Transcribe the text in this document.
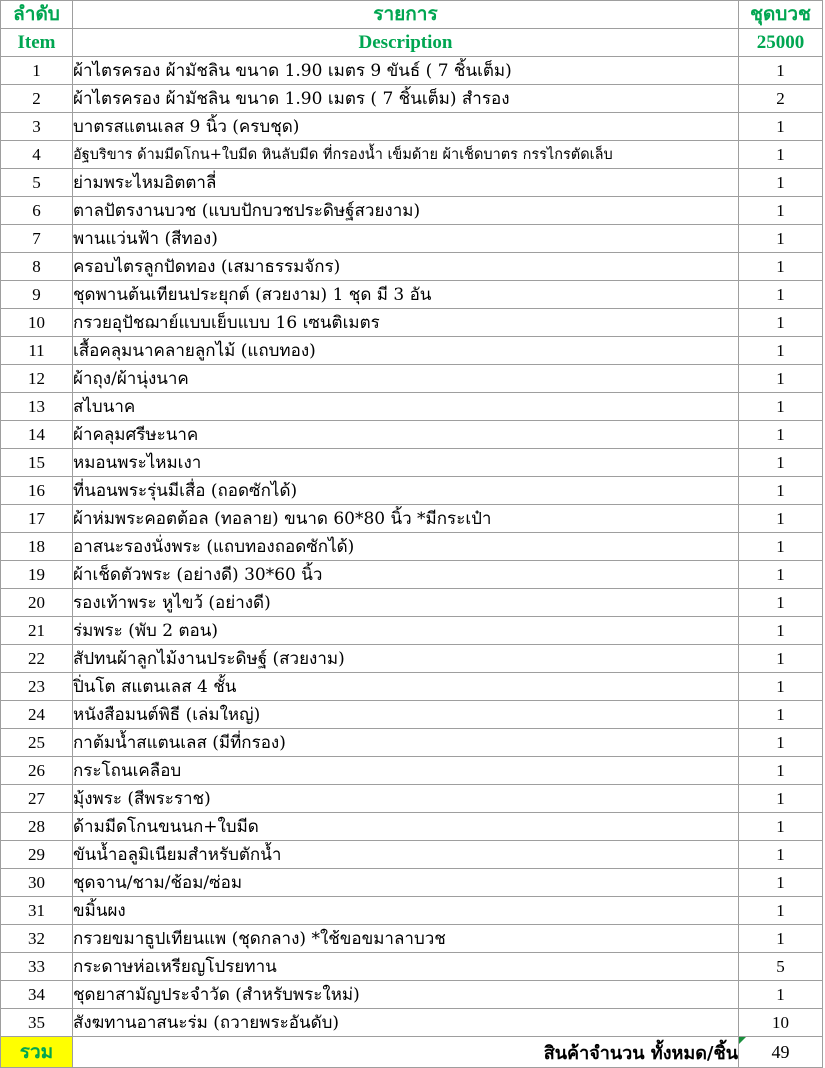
ลำดับ	รายการ	ชุดบวช
Item	Description	25000
1	ผ้าไตรครอง ผ้ามัชลิน ขนาด 1.90 เมตร 9 ขันธ์ ( 7 ชิ้นเต็ม)	1
2	ผ้าไตรครอง ผ้ามัชลิน ขนาด 1.90 เมตร ( 7 ชิ้นเต็ม) สำรอง	2
3	บาตรสแตนเลส 9 นิ้ว (ครบชุด)	1
4	อัฐบริขาร ด้ามมีดโกน+ใบมีด หินลับมีด ที่กรองน้ำ เข็มด้าย ผ้าเช็ดบาตร กรรไกรตัดเล็บ	1
5	ย่ามพระไหมอิตตาลี่	1
6	ตาลปัตรงานบวช (แบบปักบวชประดิษฐ์สวยงาม)	1
7	พานแว่นฟ้า (สีทอง)	1
8	ครอบไตรลูกปัดทอง (เสมาธรรมจักร)	1
9	ชุดพานต้นเทียนประยุกต์ (สวยงาม) 1 ชุด มี 3 อัน	1
10	กรวยอุปัชฌาย์แบบเย็บแบบ 16 เซนติเมตร	1
11	เสื้อคลุมนาคลายลูกไม้ (แถบทอง)	1
12	ผ้าถุง/ผ้านุ่งนาค	1
13	สไบนาค	1
14	ผ้าคลุมศรีษะนาค	1
15	หมอนพระไหมเงา	1
16	ที่นอนพระรุ่นมีเสื่อ (ถอดซักได้)	1
17	ผ้าห่มพระคอตต้อล (ทอลาย) ขนาด 60*80 นิ้ว *มีกระเป๋า	1
18	อาสนะรองนั่งพระ (แถบทองถอดซักได้)	1
19	ผ้าเช็ดตัวพระ (อย่างดี) 30*60 นิ้ว	1
20	รองเท้าพระ หูไขว้ (อย่างดี)	1
21	ร่มพระ (พับ 2 ตอน)	1
22	สัปทนผ้าลูกไม้งานประดิษฐ์ (สวยงาม)	1
23	ปิ่นโต สแตนเลส 4 ชั้น	1
24	หนังสือมนต์พิธี (เล่มใหญ่)	1
25	กาต้มน้ำสแตนเลส (มีที่กรอง)	1
26	กระโถนเคลือบ	1
27	มุ้งพระ (สีพระราช)	1
28	ด้ามมีดโกนขนนก+ใบมีด	1
29	ขันน้ำอลูมิเนียมสำหรับตักน้ำ	1
30	ชุดจาน/ชาม/ช้อม/ซ่อม	1
31	ขมิ้นผง	1
32	กรวยขมาธูปเทียนแพ (ชุดกลาง) *ใช้ขอขมาลาบวช	1
33	กระดาษห่อเหรียญโปรยทาน	5
34	ชุดยาสามัญประจำวัด (สำหรับพระใหม่)	1
35	สังฆทานอาสนะร่ม (ถวายพระอันดับ)	10
รวม	สินค้าจำนวน ทั้งหมด/ชิ้น	49
